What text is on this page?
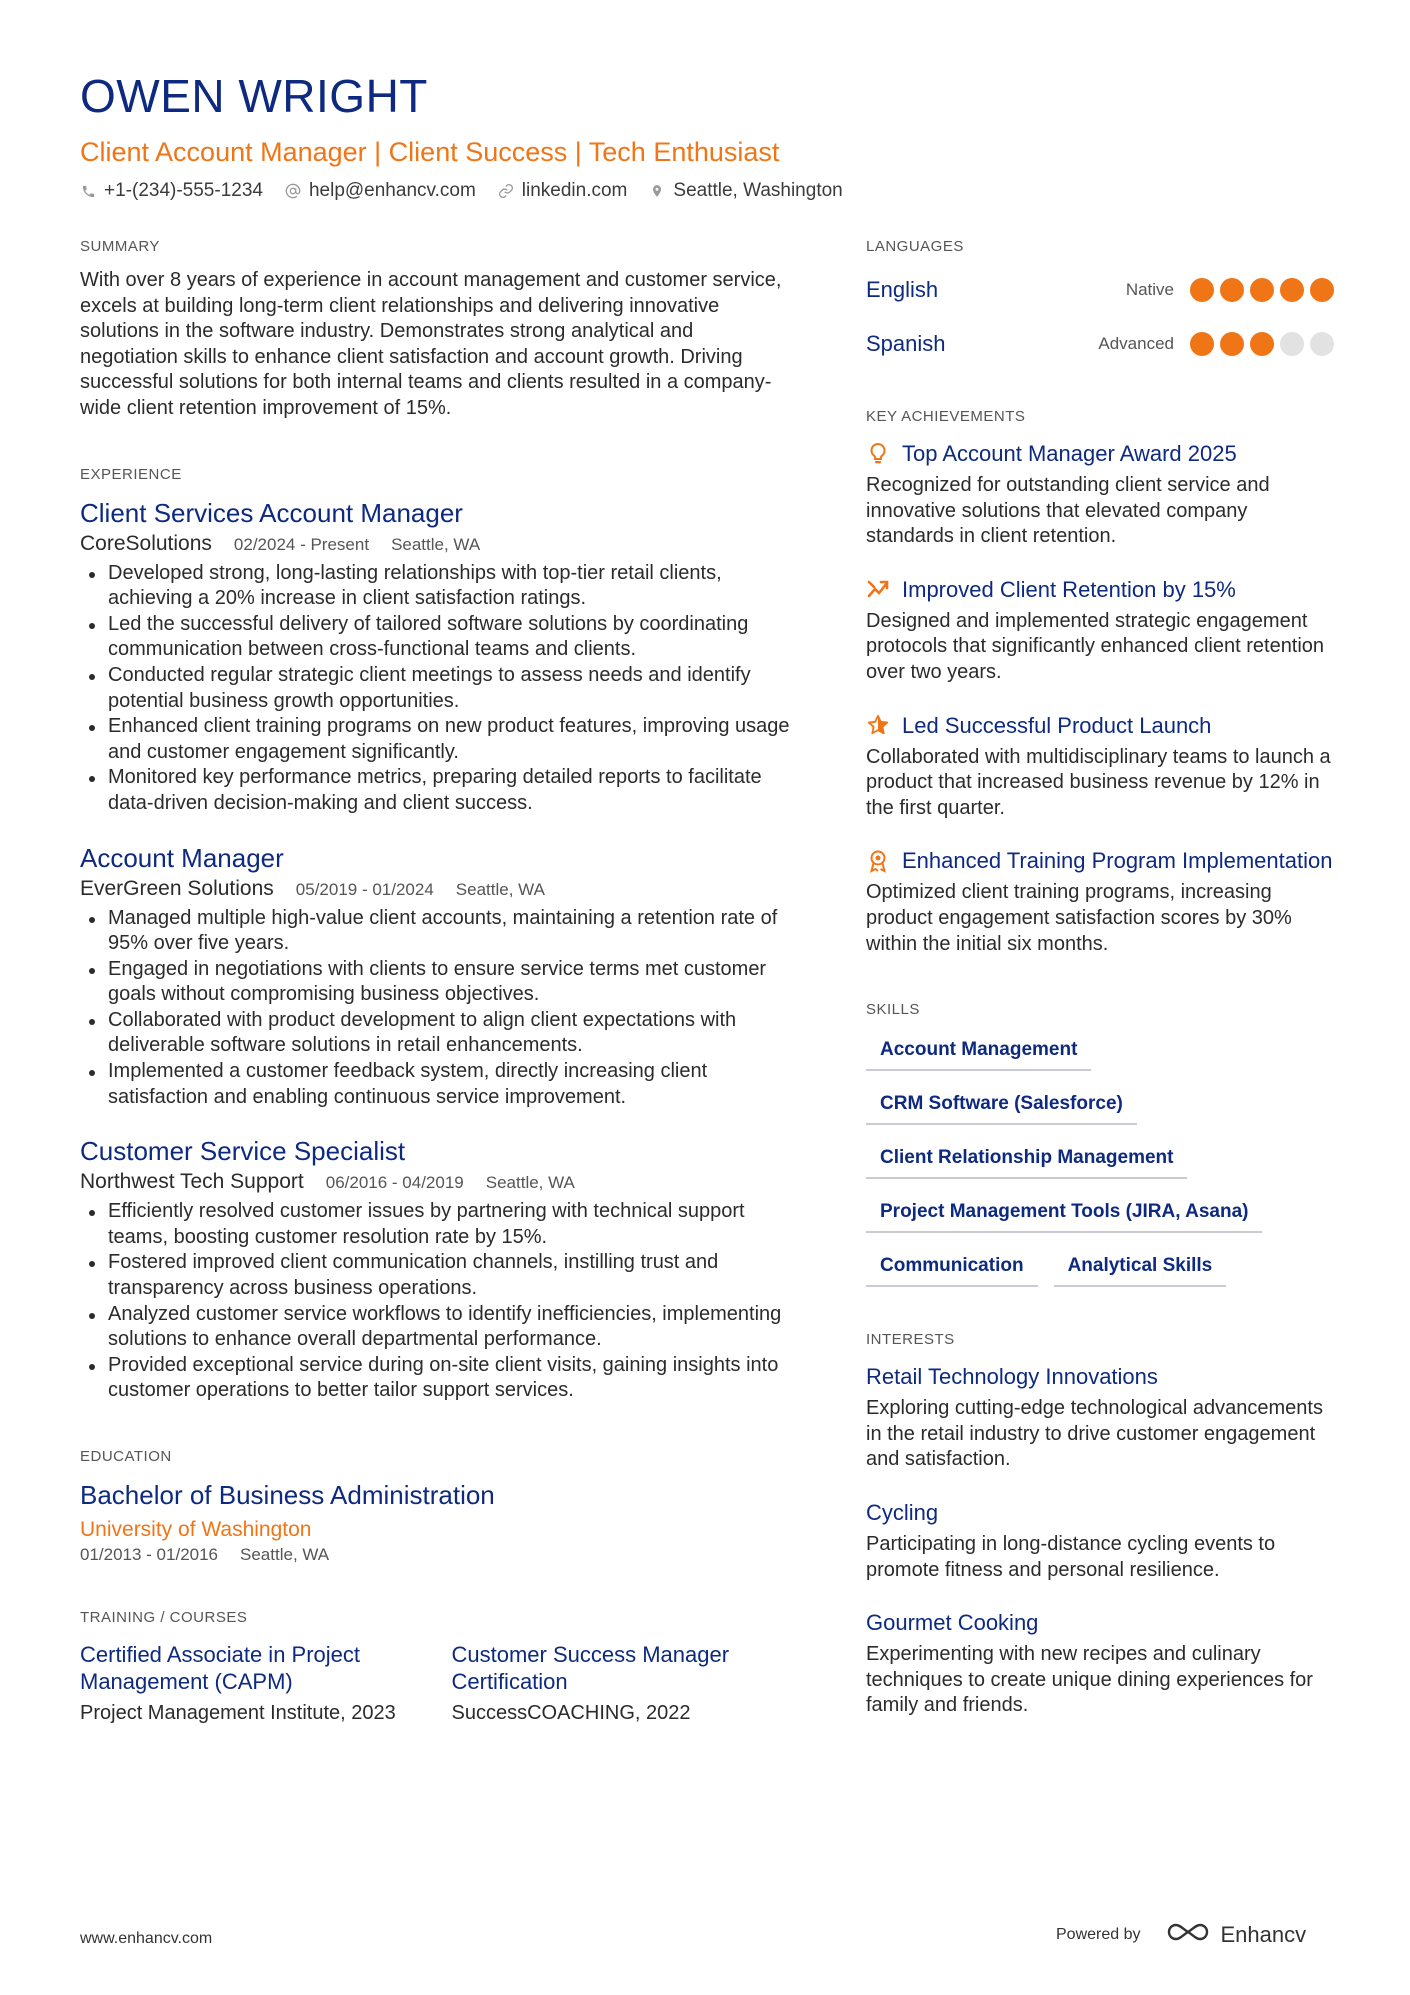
OWEN WRIGHT
Client Account Manager | Client Success | Tech Enthusiast
+1-(234)-555-1234 help@enhancv.com linkedin.com Seattle, Washington
SUMMARY
With over 8 years of experience in account management and customer service, excels at building long-term client relationships and delivering innovative solutions in the software industry. Demonstrates strong analytical and negotiation skills to enhance client satisfaction and account growth. Driving successful solutions for both internal teams and clients resulted in a company-wide client retention improvement of 15%.
EXPERIENCE
Client Services Account Manager
CoreSolutions 02/2024 - Present Seattle, WA
Developed strong, long-lasting relationships with top-tier retail clients, achieving a 20% increase in client satisfaction ratings.
Led the successful delivery of tailored software solutions by coordinating communication between cross-functional teams and clients.
Conducted regular strategic client meetings to assess needs and identify potential business growth opportunities.
Enhanced client training programs on new product features, improving usage and customer engagement significantly.
Monitored key performance metrics, preparing detailed reports to facilitate data-driven decision-making and client success.
Account Manager
EverGreen Solutions 05/2019 - 01/2024 Seattle, WA
Managed multiple high-value client accounts, maintaining a retention rate of 95% over five years.
Engaged in negotiations with clients to ensure service terms met customer goals without compromising business objectives.
Collaborated with product development to align client expectations with deliverable software solutions in retail enhancements.
Implemented a customer feedback system, directly increasing client satisfaction and enabling continuous service improvement.
Customer Service Specialist
Northwest Tech Support 06/2016 - 04/2019 Seattle, WA
Efficiently resolved customer issues by partnering with technical support teams, boosting customer resolution rate by 15%.
Fostered improved client communication channels, instilling trust and transparency across business operations.
Analyzed customer service workflows to identify inefficiencies, implementing solutions to enhance overall departmental performance.
Provided exceptional service during on-site client visits, gaining insights into customer operations to better tailor support services.
EDUCATION
Bachelor of Business Administration
University of Washington
01/2013 - 01/2016 Seattle, WA
TRAINING / COURSES
Certified Associate in Project Management (CAPM)
Project Management Institute, 2023
Customer Success Manager Certification
SuccessCOACHING, 2022
LANGUAGES
English	Native
Spanish	Advanced
KEY ACHIEVEMENTS
Top Account Manager Award 2025
Recognized for outstanding client service and innovative solutions that elevated company standards in client retention.
Improved Client Retention by 15%
Designed and implemented strategic engagement protocols that significantly enhanced client retention over two years.
Led Successful Product Launch
Collaborated with multidisciplinary teams to launch a product that increased business revenue by 12% in the first quarter.
Enhanced Training Program Implementation
Optimized client training programs, increasing product engagement satisfaction scores by 30% within the initial six months.
SKILLS
Account Management
CRM Software (Salesforce)
Client Relationship Management
Project Management Tools (JIRA, Asana)
Communication	Analytical Skills
INTERESTS
Retail Technology Innovations
Exploring cutting-edge technological advancements in the retail industry to drive customer engagement and satisfaction.
Cycling
Participating in long-distance cycling events to promote fitness and personal resilience.
Gourmet Cooking
Experimenting with new recipes and culinary techniques to create unique dining experiences for family and friends.
www.enhancv.com	Powered by	Enhancv
